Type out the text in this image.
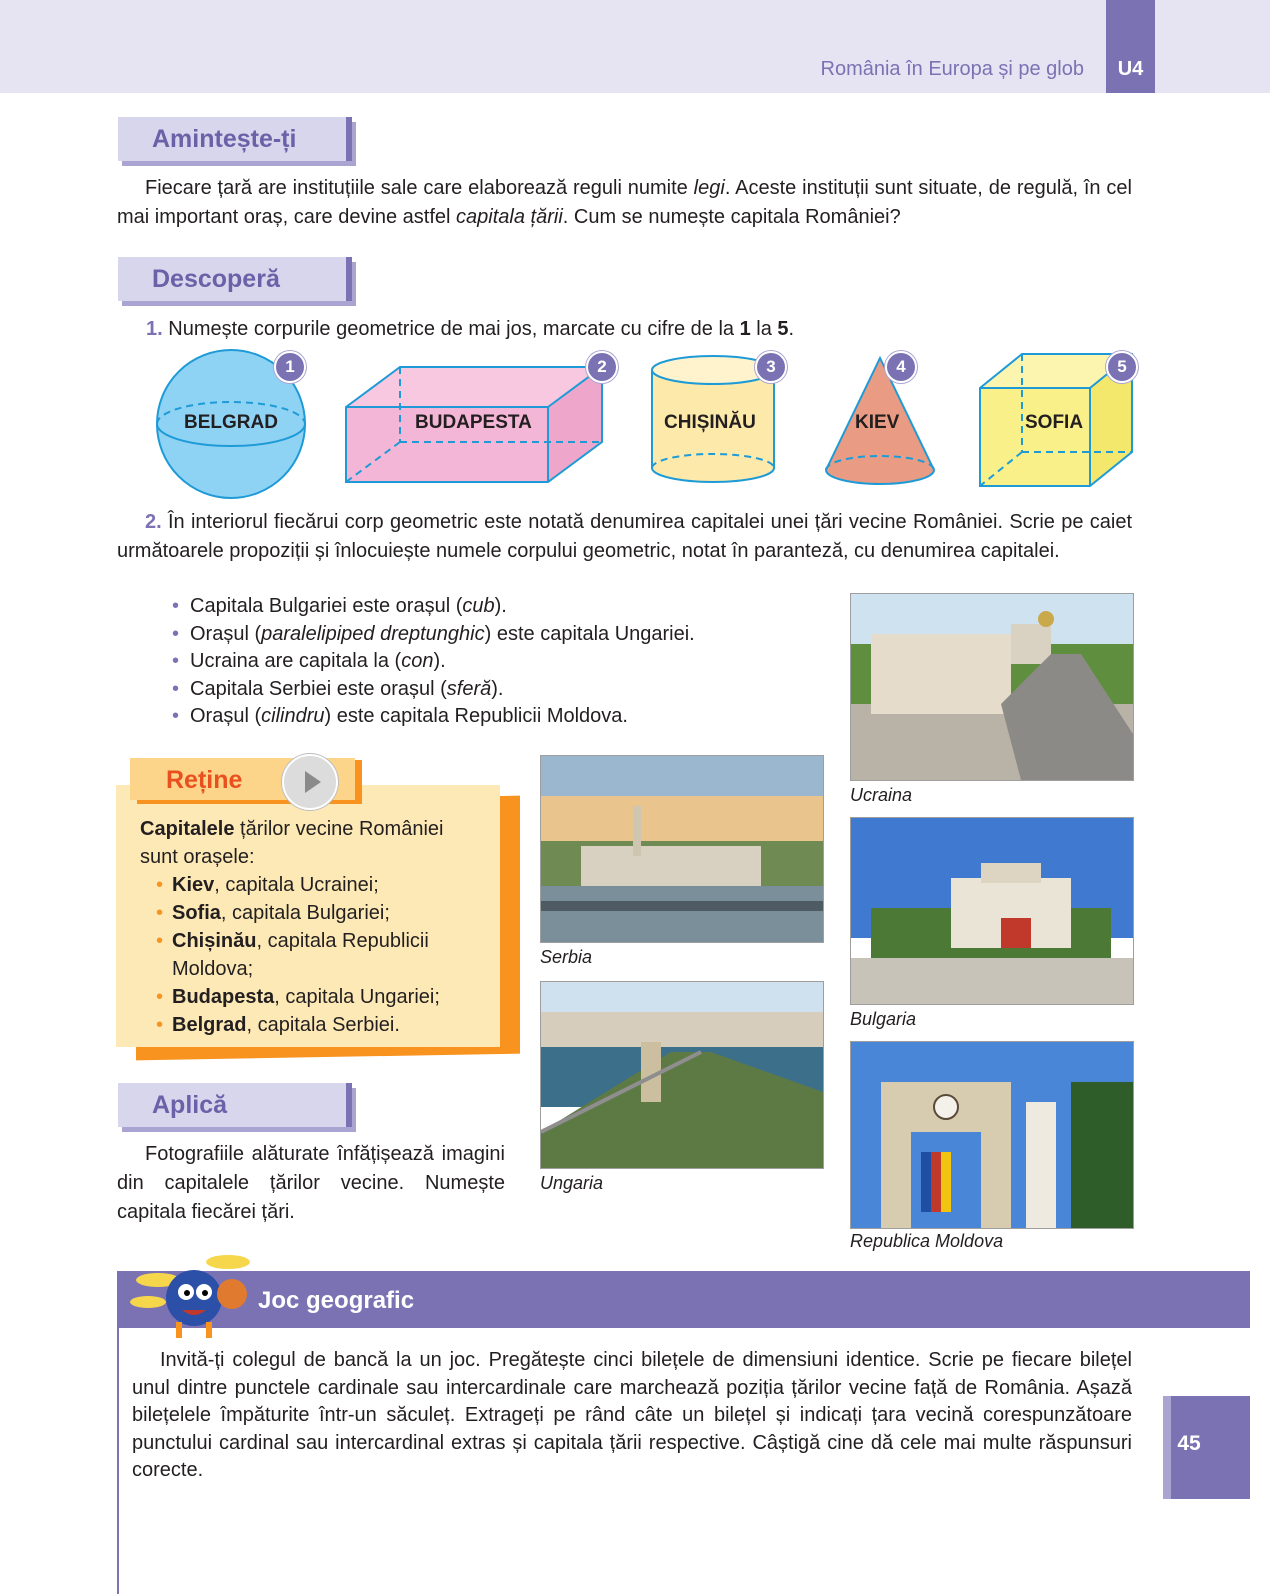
România în Europa și pe glob	U4
Amintește-ți
Fiecare țară are instituțiile sale care elaborează reguli numite legi. Aceste instituții sunt situate, de regulă, în cel mai important oraș, care devine astfel capitala țării. Cum se numește capitala României?
Descoperă
1. Numește corpurile geometrice de mai jos, marcate cu cifre de la 1 la 5.
BELGRAD	BUDAPESTA	CHIȘINĂU	KIEV	SOFIA
1	2	3	4	5
2. În interiorul fiecărui corp geometric este notată denumirea capitalei unei țări vecine României. Scrie pe caiet următoarele propoziții și înlocuiește numele corpului geometric, notat în paranteză, cu denumirea capitalei.
• Capitala Bulgariei este orașul (cub).
• Orașul (paralelipiped dreptunghic) este capitala Ungariei.
• Ucraina are capitala la (con).
• Capitala Serbiei este orașul (sferă).
• Orașul (cilindru) este capitala Republicii Moldova.
Reține
Capitalele țărilor vecine României sunt orașele:
• Kiev, capitala Ucrainei;
• Sofia, capitala Bulgariei;
• Chișinău, capitala Republicii Moldova;
• Budapesta, capitala Ungariei;
• Belgrad, capitala Serbiei.
Aplică
Fotografiile alăturate înfățișează imagini din capitalele țărilor vecine. Numește capitala fiecărei țări.
Ucraina
Serbia
Bulgaria
Ungaria
Republica Moldova
Joc geografic
Invită-ți colegul de bancă la un joc. Pregătește cinci bilețele de dimensiuni identice. Scrie pe fiecare bilețel unul dintre punctele cardinale sau intercardinale care marchează poziția țărilor vecine față de România. Așază bilețelele împăturite într-un săculeț. Extrageți pe rând câte un bilețel și indicați țara vecină corespunzătoare punctului cardinal sau intercardinal extras și capitala țării respective. Câștigă cine dă cele mai multe răspunsuri corecte.
45
